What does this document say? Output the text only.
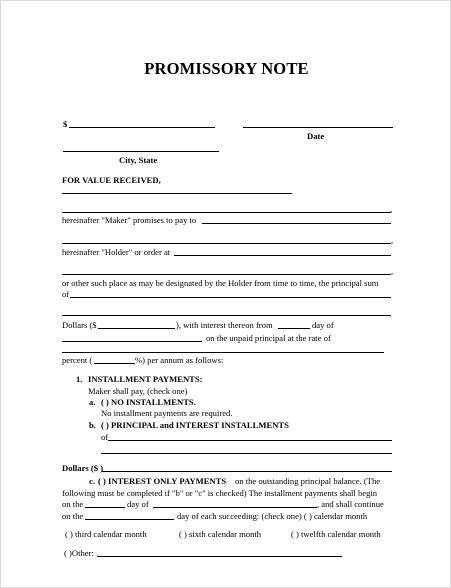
PROMISSORY NOTE
$
Date
City, State
FOR VALUE RECEIVED,
,
hereinafter "Maker" promises to pay to
,
hereinafter "Holder" or order at
,
or other such place as may be designated by the Holder from time to time, the principal sum
of
Dollars ($	), with interest thereon from	day of
on the unpaid principal at the rate of
percent (	%) per annum as follows:
1. INSTALLMENT PAYMENTS:
Maker shall pay, (check one)
a. ( ) NO INSTALLMENTS.
No installment payments are required.
b. ( ) PRINCIPAL and INTEREST INSTALLMENTS
of
Dollars ($ )
c. ( ) INTEREST ONLY PAYMENTS on the outstanding principal balance. (The
following must be completed if "b" or "c" is checked) The installment payments shall begin
on the	day of	, and shall continue
on the	day of each succeeding: (check one) ( ) calendar month
( ) third calendar month	( ) sixth calendar month	( ) twelfth calendar month
( )Other:
